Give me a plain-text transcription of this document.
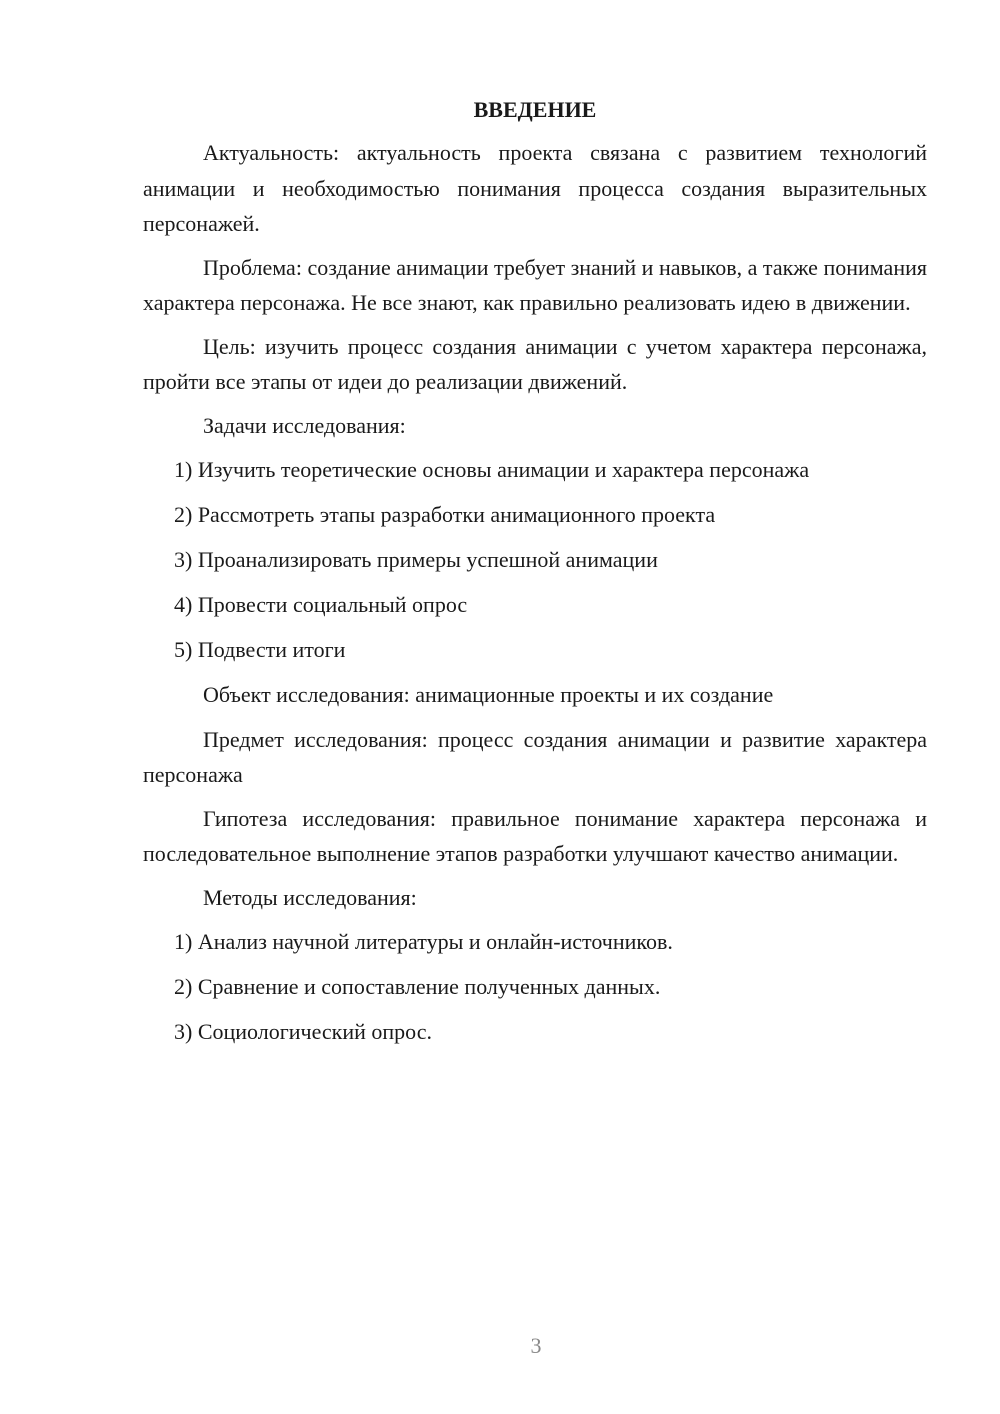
ВВЕДЕНИЕ

Актуальность: актуальность проекта связана с развитием технологий анимации и необходимостью понимания процесса создания выразительных персонажей.

Проблема: создание анимации требует знаний и навыков, а также понимания характера персонажа. Не все знают, как правильно реализовать идею в движении.

Цель: изучить процесс создания анимации с учетом характера персонажа, пройти все этапы от идеи до реализации движений.

Задачи исследования:

1) Изучить теоретические основы анимации и характера персонажа

2) Рассмотреть этапы разработки анимационного проекта

3) Проанализировать примеры успешной анимации

4) Провести социальный опрос

5) Подвести итоги

Объект исследования: анимационные проекты и их создание

Предмет исследования: процесс создания анимации и развитие характера персонажа

Гипотеза исследования: правильное понимание характера персонажа и последовательное выполнение этапов разработки улучшают качество анимации.

Методы исследования:

1) Анализ научной литературы и онлайн-источников.

2) Сравнение и сопоставление полученных данных.

3) Социологический опрос.

3
